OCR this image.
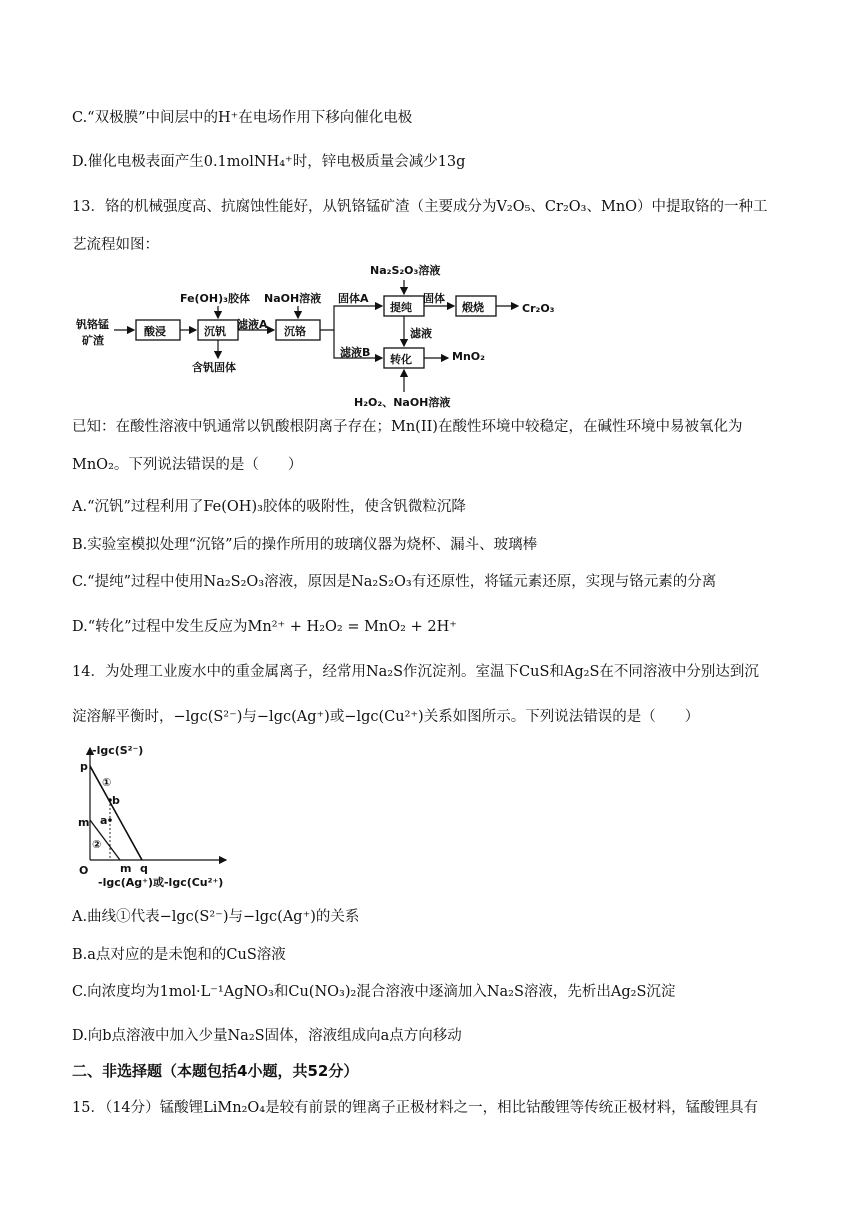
C.“双极膜”中间层中的H⁺在电场作用下移向催化电极
D.催化电极表面产生0.1molNH₄⁺时，锌电极质量会减少13g
13．铬的机械强度高、抗腐蚀性能好，从钒铬锰矿渣（主要成分为V₂O₅、Cr₂O₃、MnO）中提取铬的一种工
艺流程如图：
钒铬锰
矿渣
Fe(OH)₃胶体 NaOH溶液
滤液A
固体A	固体
滤液
滤液B
Na₂S₂O₃溶液
H₂O₂、NaOH溶液
含钒固体
Cr₂O₃
MnO₂
酸浸	沉钒	沉铬
提纯	煅烧
转化
已知：在酸性溶液中钒通常以钒酸根阴离子存在；Mn(II)在酸性环境中较稳定，在碱性环境中易被氧化为
MnO₂。下列说法错误的是（　　）
A.“沉钒”过程利用了Fe(OH)₃胶体的吸附性，使含钒微粒沉降
B.实验室模拟处理“沉铬”后的操作所用的玻璃仪器为烧杯、漏斗、玻璃棒
C.“提纯”过程中使用Na₂S₂O₃溶液，原因是Na₂S₂O₃有还原性，将锰元素还原，实现与铬元素的分离
D.“转化”过程中发生反应为Mn²⁺ + H₂O₂ = MnO₂ + 2H⁺
14．为处理工业废水中的重金属离子，经常用Na₂S作沉淀剂。室温下CuS和Ag₂S在不同溶液中分别达到沉
淀溶解平衡时，−lgc(S²⁻)与−lgc(Ag⁺)或−lgc(Cu²⁺)关系如图所示。下列说法错误的是（　　）
-lgc(S²⁻)
p
m
O	m q
①
②
a
b
-lgc(Ag⁺)或-lgc(Cu²⁺)
A.曲线①代表−lgc(S²⁻)与−lgc(Ag⁺)的关系
B.a点对应的是未饱和的CuS溶液
C.向浓度均为1mol·L⁻¹AgNO₃和Cu(NO₃)₂混合溶液中逐滴加入Na₂S溶液，先析出Ag₂S沉淀
D.向b点溶液中加入少量Na₂S固体，溶液组成向a点方向移动
二、非选择题（本题包括4小题，共52分）
15．（14分）锰酸锂LiMn₂O₄是较有前景的锂离子正极材料之一，相比钴酸锂等传统正极材料，锰酸锂具有
